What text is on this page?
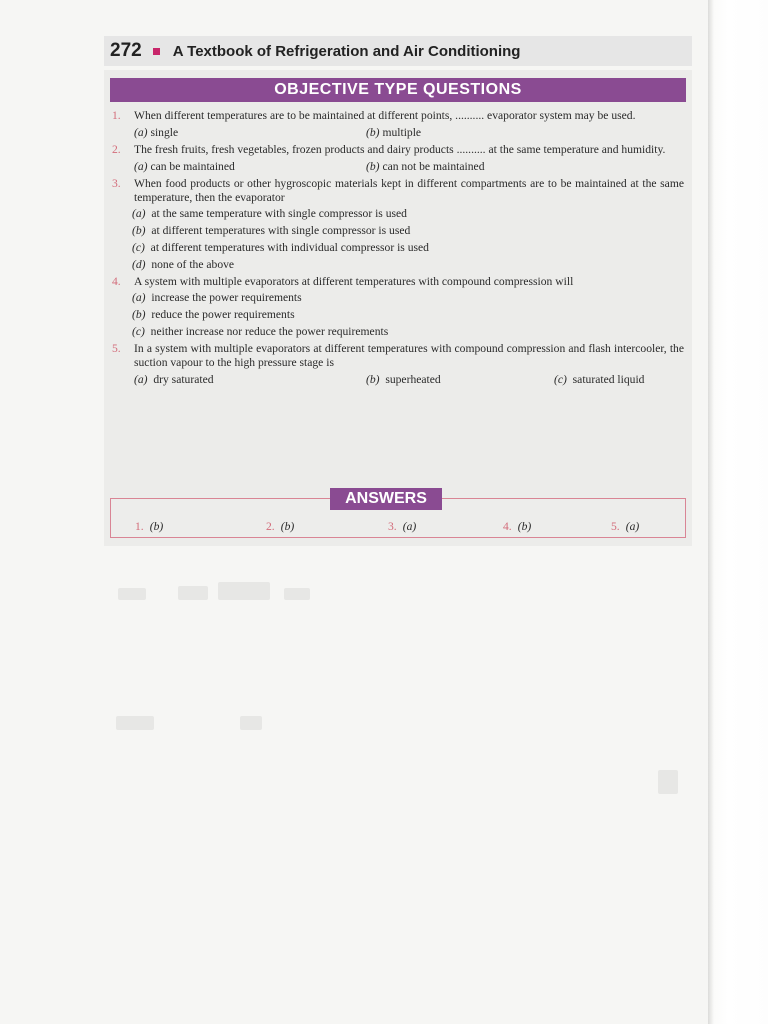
272 A Textbook of Refrigeration and Air Conditioning
OBJECTIVE TYPE QUESTIONS
1.	When different temperatures are to be maintained at different points, .......... evaporator system may be used.
(a) single	(b) multiple
2.	The fresh fruits, fresh vegetables, frozen products and dairy products .......... at the same temperature and humidity.
(a) can be maintained	(b) can not be maintained
3.	When food products or other hygroscopic materials kept in different compartments are to be maintained at the same temperature, then the evaporator
(a) at the same temperature with single compressor is used
(b) at different temperatures with single compressor is used
(c) at different temperatures with individual compressor is used
(d) none of the above
4.	A system with multiple evaporators at different temperatures with compound compression will
(a) increase the power requirements
(b) reduce the power requirements
(c) neither increase nor reduce the power requirements
5.	In a system with multiple evaporators at different temperatures with compound compression and flash intercooler, the suction vapour to the high pressure stage is
(a) dry saturated	(b) superheated	(c) saturated liquid
ANSWERS
1. (b)	2. (b)	3. (a)	4. (b)	5. (a)
